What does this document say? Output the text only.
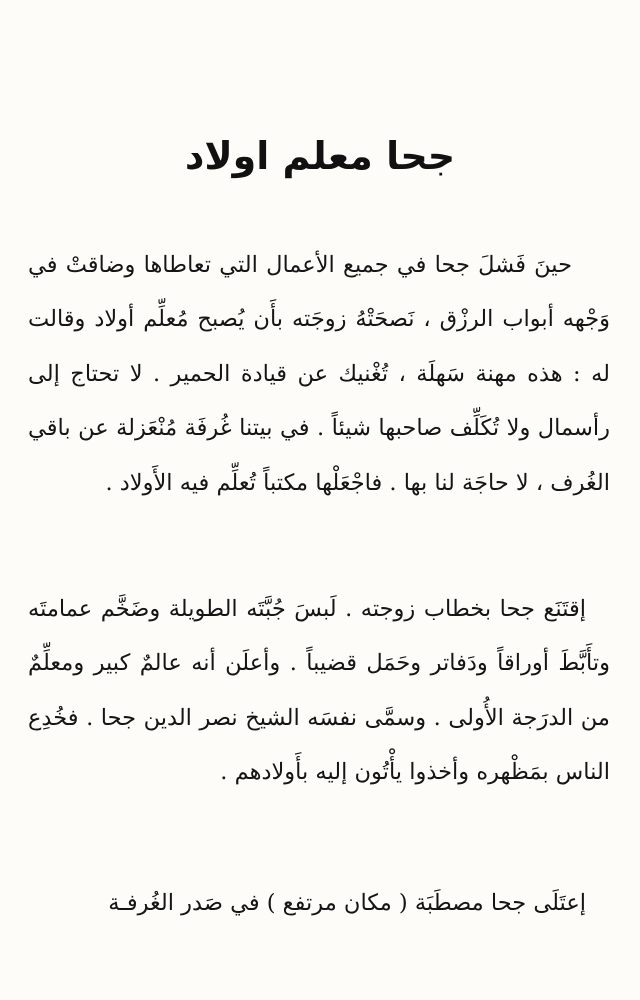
جحا معلم اولاد

حينَ فَشلَ جحا في جميع الأعمال التي تعاطاها وضاقتْ في وَجْهه أبواب الرزْق ، نَصحَتْهُ زوجَته بأَن يُصبح مُعلِّم أولاد وقالت له : هذه مهنة سَهلَة ، تُغْنيك عن قيادة الحمير . لا تحتاج إلى رأسمال ولا تُكَلِّف صاحبها شيئاً . في بيتنا غُرفَة مُنْعَزلة عن باقي الغُرف ، لا حاجَة لنا بها . فاجْعَلْها مكتباً تُعلِّم فيه الأَولاد .

إقتَنَع جحا بخطاب زوجته . لَبسَ جُبَّتَه الطويلة وضَخَّم عمامتَه وتأَبَّطَ أوراقاً ودَفاتر وحَمَل قضيباً . وأعلَن أنه عالمٌ كبير ومعلِّمٌ من الدرَجة الأُولى . وسمَّى نفسَه الشيخ نصر الدين جحا . فخُدِع الناس بمَظْهره وأخذوا يأْتُون إليه بأَولادهم .

إعتَلَى جحا مصطَبَة ( مكان مرتفع ) في صَدر الغُرفـة
